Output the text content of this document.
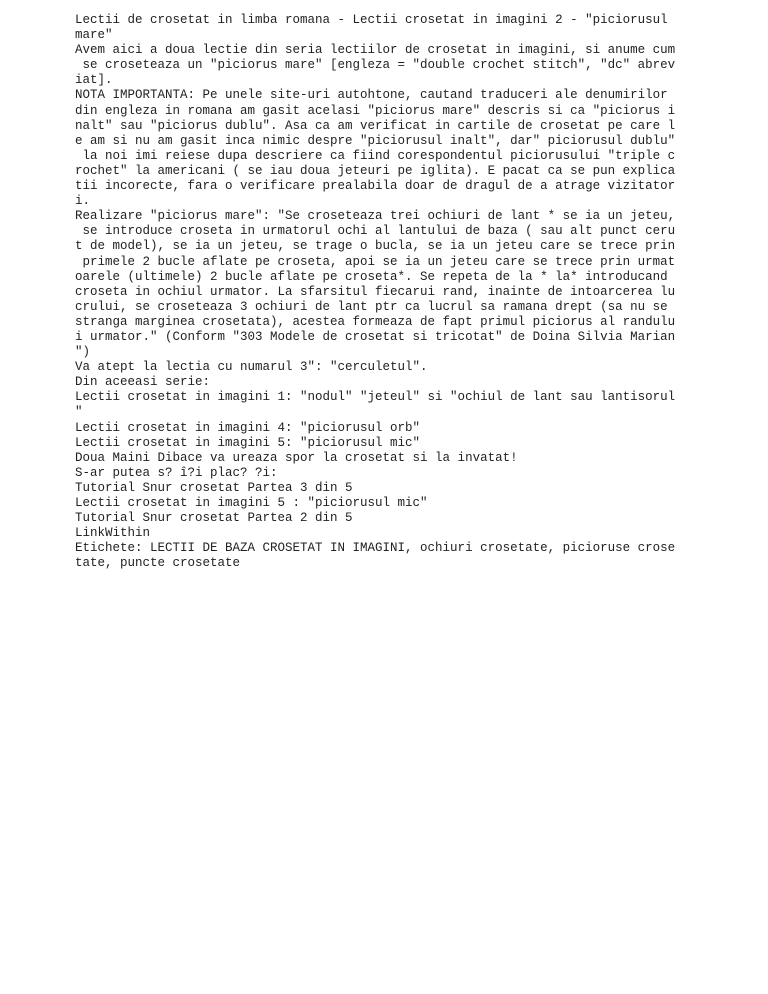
Lectii de crosetat in limba romana - Lectii crosetat in imagini 2 - "piciorusul

mare"

Avem aici a doua lectie din seria lectiilor de crosetat in imagini, si anume cum

se croseteaza un "piciorus mare" [engleza = "double crochet stitch", "dc" abrev

iat].

NOTA IMPORTANTA: Pe unele site-uri autohtone, cautand traduceri ale denumirilor

din engleza in romana am gasit acelasi "piciorus mare" descris si ca "piciorus i

nalt" sau "piciorus dublu". Asa ca am verificat in cartile de crosetat pe care l

e am si nu am gasit inca nimic despre "piciorusul inalt", dar" piciorusul dublu"

la noi imi reiese dupa descriere ca fiind corespondentul piciorusului "triple c

rochet" la americani ( se iau doua jeteuri pe iglita). E pacat ca se pun explica

tii incorecte, fara o verificare prealabila doar de dragul de a atrage vizitator

i.

Realizare "piciorus mare": "Se croseteaza trei ochiuri de lant * se ia un jeteu,

se introduce croseta in urmatorul ochi al lantului de baza ( sau alt punct ceru

t de model), se ia un jeteu, se trage o bucla, se ia un jeteu care se trece prin

primele 2 bucle aflate pe croseta, apoi se ia un jeteu care se trece prin urmat

oarele (ultimele) 2 bucle aflate pe croseta*. Se repeta de la * la* introducand

croseta in ochiul urmator. La sfarsitul fiecarui rand, inainte de intoarcerea lu

crului, se croseteaza 3 ochiuri de lant ptr ca lucrul sa ramana drept (sa nu se

stranga marginea crosetata), acestea formeaza de fapt primul piciorus al randulu

i urmator." (Conform "303 Modele de crosetat si tricotat" de Doina Silvia Marian

")

Va atept la lectia cu numarul 3": "cerculetul".

Din aceeasi serie:

Lectii crosetat in imagini 1: "nodul" "jeteul" si "ochiul de lant sau lantisorul

"

Lectii crosetat in imagini 4: "piciorusul orb"

Lectii crosetat in imagini 5: "piciorusul mic"

Doua Maini Dibace va ureaza spor la crosetat si la invatat!

S-ar putea s? î?i plac? ?i:

Tutorial Snur crosetat Partea 3 din 5

Lectii crosetat in imagini 5 : "piciorusul mic"

Tutorial Snur crosetat Partea 2 din 5

LinkWithin

Etichete: LECTII DE BAZA CROSETAT IN IMAGINI, ochiuri crosetate, picioruse crose

tate, puncte crosetate
